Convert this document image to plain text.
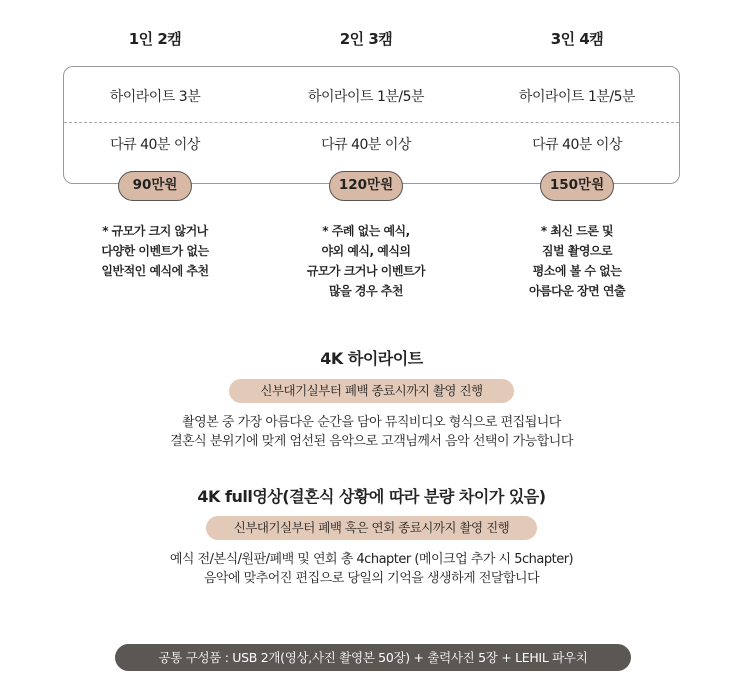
1인 2캠	2인 3캠	3인 4캠
하이라이트 3분	하이라이트 1분/5분	하이라이트 1분/5분
다큐 40분 이상	다큐 40분 이상	다큐 40분 이상
90만원	120만원	150만원
* 규모가 크지 않거나
다양한 이벤트가 없는
일반적인 예식에 추천
* 주례 없는 예식,
야외 예식, 예식의
규모가 크거나 이벤트가
많을 경우 추천
* 최신 드론 및
짐벌 촬영으로
평소에 볼 수 없는
아름다운 장면 연출
4K 하이라이트
신부대기실부터 폐백 종료시까지 촬영 진행
촬영본 중 가장 아름다운 순간을 담아 뮤직비디오 형식으로 편집됩니다
결혼식 분위기에 맞게 엄선된 음악으로 고객님께서 음악 선택이 가능합니다
4K full영상(결혼식 상황에 따라 분량 차이가 있음)
신부대기실부터 폐백 혹은 연회 종료시까지 촬영 진행
예식 전/본식/원판/폐백 및 연회 총 4chapter (메이크업 추가 시 5chapter)
음악에 맞추어진 편집으로 당일의 기억을 생생하게 전달합니다
공통 구성품 : USB 2개(영상,사진 촬영본 50장) + 출력사진 5장 + LEHIL 파우치
